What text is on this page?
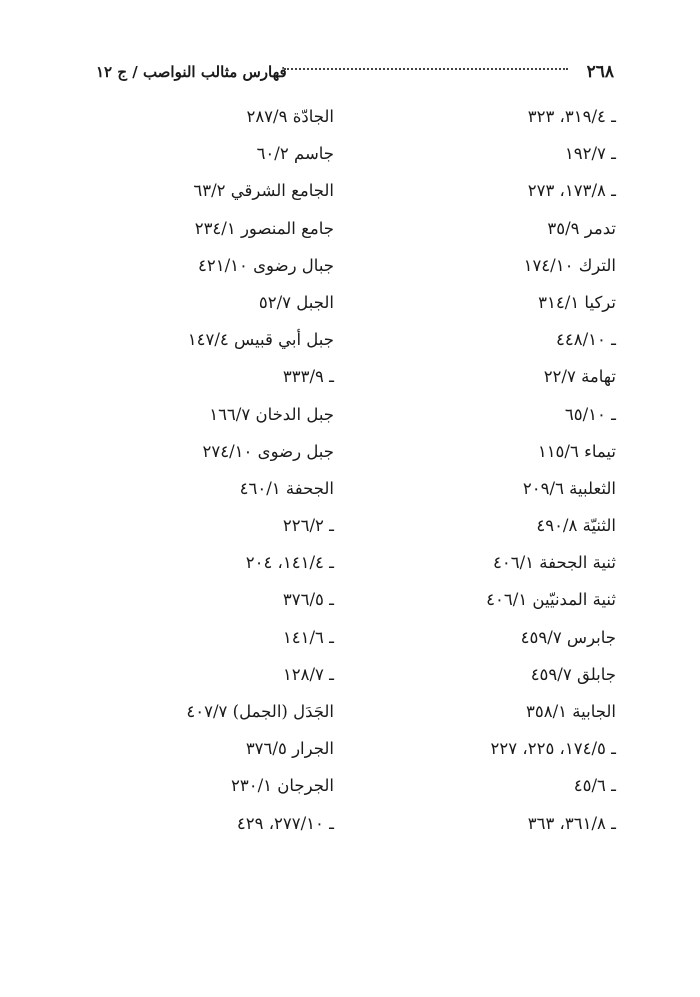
٢٦٨
فهارس مثالب النواصب / ج ١٢
ـ ٣١٩/٤، ٣٢٣
ـ ١٩٢/٧
ـ ١٧٣/٨، ٢٧٣
تدمر ٣٥/٩
الترك ١٧٤/١٠
تركيا ٣١٤/١
ـ ٤٤٨/١٠
تهامة ٢٢/٧
ـ ٦٥/١٠
تيماء ١١٥/٦
الثعلبية ٢٠٩/٦
الثنيّة ٤٩٠/٨
ثنية الجحفة ٤٠٦/١
ثنية المدنيّين ٤٠٦/١
جابرس ٤٥٩/٧
جابلق ٤٥٩/٧
الجابية ٣٥٨/١
ـ ١٧٤/٥، ٢٢٥، ٢٢٧
ـ ٤٥/٦
ـ ٣٦١/٨، ٣٦٣
الجادّة ٢٨٧/٩
جاسم ٦٠/٢
الجامع الشرقي ٦٣/٢
جامع المنصور ٢٣٤/١
جبال رضوى ٤٢١/١٠
الجبل ٥٢/٧
جبل أبي قبيس ١٤٧/٤
ـ ٣٣٣/٩
جبل الدخان ١٦٦/٧
جبل رضوى ٢٧٤/١٠
الجحفة ٤٦٠/١
ـ ٢٢٦/٢
ـ ١٤١/٤، ٢٠٤
ـ ٣٧٦/٥
ـ ١٤١/٦
ـ ١٢٨/٧
الجَدَل (الجمل) ٤٠٧/٧
الجرار ٣٧٦/٥
الجرجان ٢٣٠/١
ـ ٢٧٧/١٠، ٤٢٩
